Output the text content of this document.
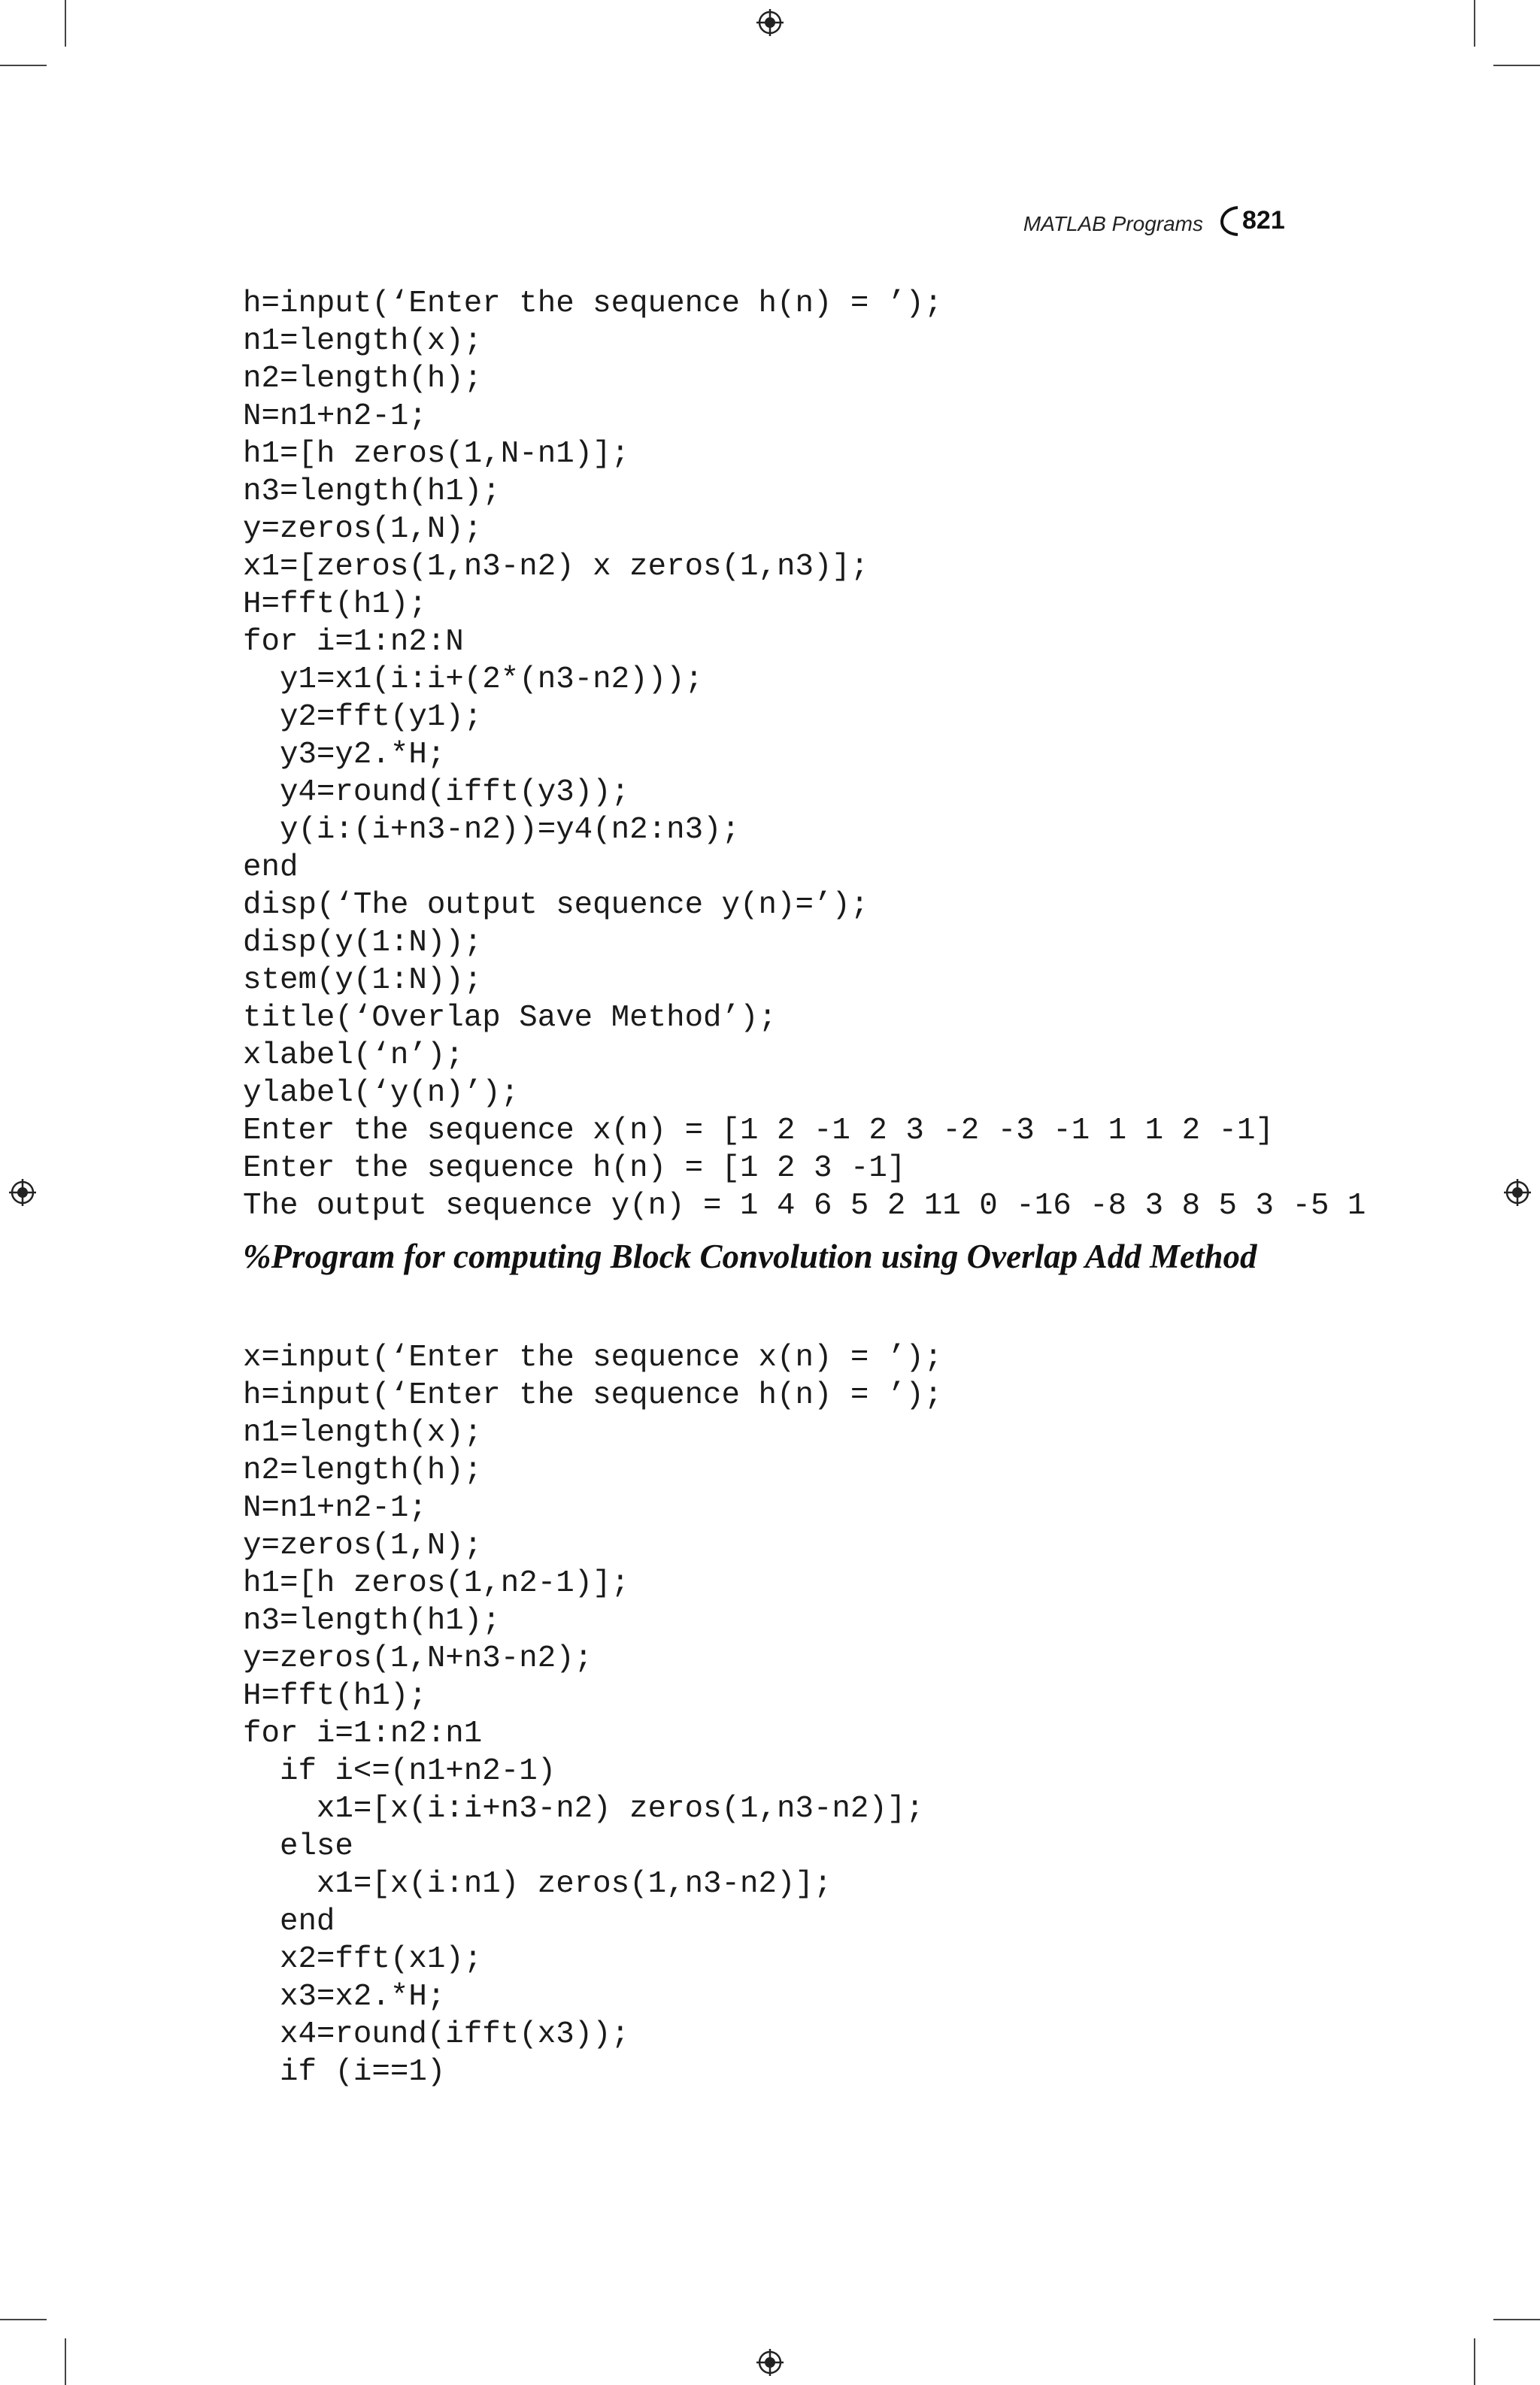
MATLAB Programs 821
h=input(‘Enter the sequence h(n) = ’);
n1=length(x);
n2=length(h);
N=n1+n2-1;
h1=[h zeros(1,N-n1)];
n3=length(h1);
y=zeros(1,N);
x1=[zeros(1,n3-n2) x zeros(1,n3)];
H=fft(h1);
for i=1:n2:N
y1=x1(i:i+(2*(n3-n2)));
y2=fft(y1);
y3=y2.*H;
y4=round(ifft(y3));
y(i:(i+n3-n2))=y4(n2:n3);
end
disp(‘The output sequence y(n)=’);
disp(y(1:N));
stem(y(1:N));
title(‘Overlap Save Method’);
xlabel(‘n’);
ylabel(‘y(n)’);
Enter the sequence x(n) = [1 2 -1 2 3 -2 -3 -1 1 1 2 -1]
Enter the sequence h(n) = [1 2 3 -1]
The output sequence y(n) = 1 4 6 5 2 11 0 -16 -8 3 8 5 3 -5 1

%Program for computing Block Convolution using Overlap Add Method

x=input(‘Enter the sequence x(n) = ’);
h=input(‘Enter the sequence h(n) = ’);
n1=length(x);
n2=length(h);
N=n1+n2-1;
y=zeros(1,N);
h1=[h zeros(1,n2-1)];
n3=length(h1);
y=zeros(1,N+n3-n2);
H=fft(h1);
for i=1:n2:n1
if i<=(n1+n2-1)
x1=[x(i:i+n3-n2) zeros(1,n3-n2)];
else
x1=[x(i:n1) zeros(1,n3-n2)];
end
x2=fft(x1);
x3=x2.*H;
x4=round(ifft(x3));
if (i==1)
